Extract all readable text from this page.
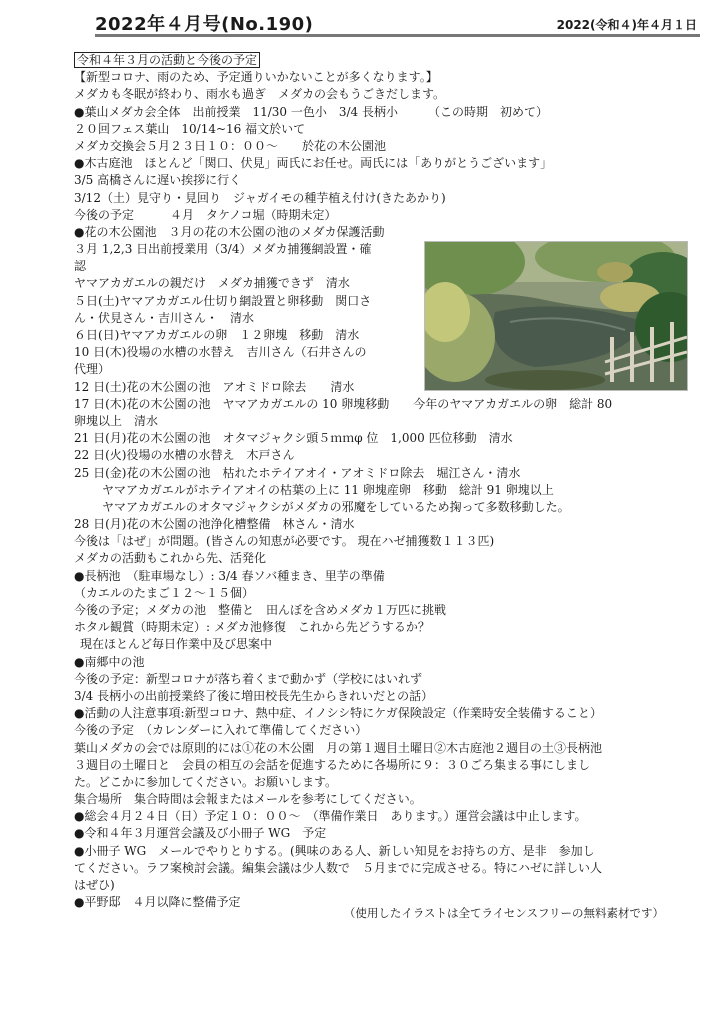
2022年４月号(No.190)	2022(令和４)年４月１日
令和４年３月の活動と今後の予定
【新型コロナ、雨のため、予定通りいかないことが多くなります。】
メダカも冬眠が終わり、雨水も過ぎ　メダカの会もうごきだします。
●葉山メダカ会全体　出前授業　11/30 一色小　3/4 長柄小　　　（この時期　初めて）
２０回フェス葉山　10/14~16 福文於いて
メダカ交換会５月２３日１０：００～　　於花の木公園池
●木古庭池　ほとんど「関口、伏見」両氏にお任せ。両氏には「ありがとうございます」
3/5 高橋さんに遅い挨拶に行く
3/12（土）見守り・見回り　ジャガイモの種芋植え付け(きたあかり)
今後の予定　　　４月　タケノコ堀（時期未定）
●花の木公園池　３月の花の木公園の池のメダカ保護活動
３月 1,2,3 日出前授業用（3/4）メダカ捕獲網設置・確
認
ヤマアカガエルの親だけ　メダカ捕獲できず　清水
５日(土)ヤマアカガエル仕切り網設置と卵移動　関口さ
ん・伏見さん・吉川さん・　清水
６日(日)ヤマアカガエルの卵　１２卵塊　移動　清水
10 日(木)役場の水槽の水替え　吉川さん（石井さんの
代理）
12 日(土)花の木公園の池　アオミドロ除去　　清水
17 日(木)花の木公園の池　ヤマアカガエルの 10 卵塊移動　　今年のヤマアカガエルの卵　総計 80
卵塊以上　清水
21 日(月)花の木公園の池　オタマジャクシ頭５ｍｍφ 位　1,000 匹位移動　清水
22 日(火)役場の水槽の水替え　木戸さん
25 日(金)花の木公園の池　枯れたホテイアオイ・アオミドロ除去　堀江さん・清水
ヤマアカガエルがホテイアオイの枯葉の上に 11 卵塊産卵　移動　総計 91 卵塊以上
ヤマアカガエルのオタマジャクシがメダカの邪魔をしているため掬って多数移動した。
28 日(月)花の木公園の池浄化槽整備　林さん・清水
今後は「はぜ」が問題。(皆さんの知恵が必要です。 現在ハゼ捕獲数１１３匹)
メダカの活動もこれから先、活発化
●長柄池　（駐車場なし）: 3/4 春ソバ種まき、里芋の準備
（カエルのたまご１２～１５個）
今後の予定；メダカの池　整備と　田んぼを含めメダカ１万匹に挑戦
ホタル観賞（時期未定）: メダカ池修復　これから先どうするか？
現在ほとんど毎日作業中及び思案中
●南郷中の池
今後の予定：新型コロナが落ち着くまで動かず（学校にはいれず
3/4 長柄小の出前授業終了後に増田校長先生からきれいだとの話）
●活動の人注意事項:新型コロナ、熱中症、イノシシ特にケガ保険設定（作業時安全装備すること）
今後の予定　（カレンダーに入れて準備してください）
葉山メダカの会では原則的には①花の木公園　月の第１週目土曜日②木古庭池２週目の土③長柄池
３週目の土曜日と　会員の相互の会話を促進するために各場所に９：３０ごろ集まる事にしまし
た。どこかに参加してください。お願いします。
集合場所　集合時間は会報またはメールを参考にしてください。
●総会４月２４日（日）予定１０：００～　（準備作業日　あります。）運営会議は中止します。
●令和４年３月運営会議及び小冊子 WG　予定
●小冊子 WG　メールでやりとりする。(興味のある人、新しい知見をお持ちの方、是非　参加し
てください。ラフ案検討会議。編集会議は少人数で　５月までに完成させる。特にハゼに詳しい人
はぜひ)
●平野邸　４月以降に整備予定
（使用したイラストは全てライセンスフリーの無料素材です）
